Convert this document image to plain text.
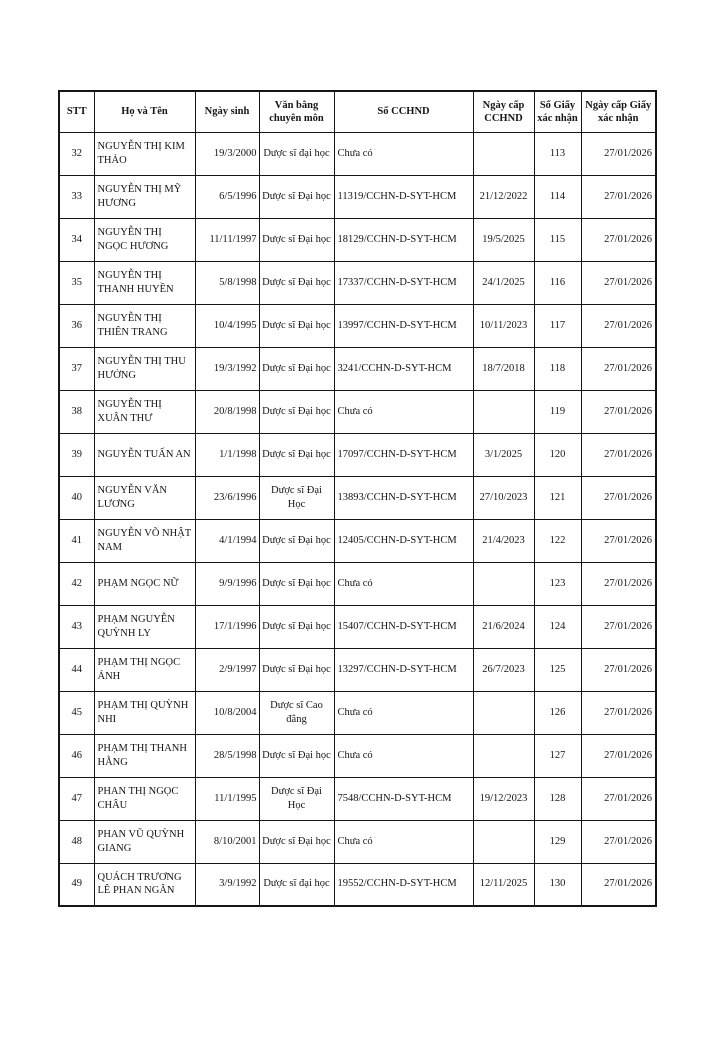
STT	Họ và Tên	Ngày sinh	Văn bằng chuyên môn	Số CCHND	Ngày cấp CCHND	Số Giấy xác nhận	Ngày cấp Giấy xác nhận
32	NGUYỄN THỊ KIM THẢO	19/3/2000	Dược sĩ đại học	Chưa có		113	27/01/2026
33	NGUYỄN THỊ MỸ HƯƠNG	6/5/1996	Dược sĩ Đại học	11319/CCHN-D-SYT-HCM	21/12/2022	114	27/01/2026
34	NGUYỄN THỊ NGỌC HƯƠNG	11/11/1997	Dược sĩ Đại học	18129/CCHN-D-SYT-HCM	19/5/2025	115	27/01/2026
35	NGUYỄN THỊ THANH HUYỀN	5/8/1998	Dược sĩ Đại học	17337/CCHN-D-SYT-HCM	24/1/2025	116	27/01/2026
36	NGUYỄN THỊ THIÊN TRANG	10/4/1995	Dược sĩ Đại học	13997/CCHN-D-SYT-HCM	10/11/2023	117	27/01/2026
37	NGUYỄN THỊ THU HƯỞNG	19/3/1992	Dược sĩ Đại học	3241/CCHN-D-SYT-HCM	18/7/2018	118	27/01/2026
38	NGUYỄN THỊ XUÂN THƯ	20/8/1998	Dược sĩ Đại học	Chưa có		119	27/01/2026
39	NGUYỄN TUẤN AN	1/1/1998	Dược sĩ Đại học	17097/CCHN-D-SYT-HCM	3/1/2025	120	27/01/2026
40	NGUYỄN VĂN LƯƠNG	23/6/1996	Dược sĩ Đại Học	13893/CCHN-D-SYT-HCM	27/10/2023	121	27/01/2026
41	NGUYỄN VÕ NHẬT NAM	4/1/1994	Dược sĩ Đại học	12405/CCHN-D-SYT-HCM	21/4/2023	122	27/01/2026
42	PHẠM NGỌC NỮ	9/9/1996	Dược sĩ Đại học	Chưa có		123	27/01/2026
43	PHẠM NGUYỄN QUỲNH LY	17/1/1996	Dược sĩ Đại học	15407/CCHN-D-SYT-HCM	21/6/2024	124	27/01/2026
44	PHẠM THỊ NGỌC ÁNH	2/9/1997	Dược sĩ Đại học	13297/CCHN-D-SYT-HCM	26/7/2023	125	27/01/2026
45	PHẠM THỊ QUỲNH NHI	10/8/2004	Dược sĩ Cao đẳng	Chưa có		126	27/01/2026
46	PHẠM THỊ THANH HẰNG	28/5/1998	Dược sĩ Đại học	Chưa có		127	27/01/2026
47	PHAN THỊ NGỌC CHÂU	11/1/1995	Dược sĩ Đại Học	7548/CCHN-D-SYT-HCM	19/12/2023	128	27/01/2026
48	PHAN VŨ QUỲNH GIANG	8/10/2001	Dược sĩ Đại học	Chưa có		129	27/01/2026
49	QUÁCH TRƯƠNG LÊ PHAN NGÂN	3/9/1992	Dược sĩ đại học	19552/CCHN-D-SYT-HCM	12/11/2025	130	27/01/2026
